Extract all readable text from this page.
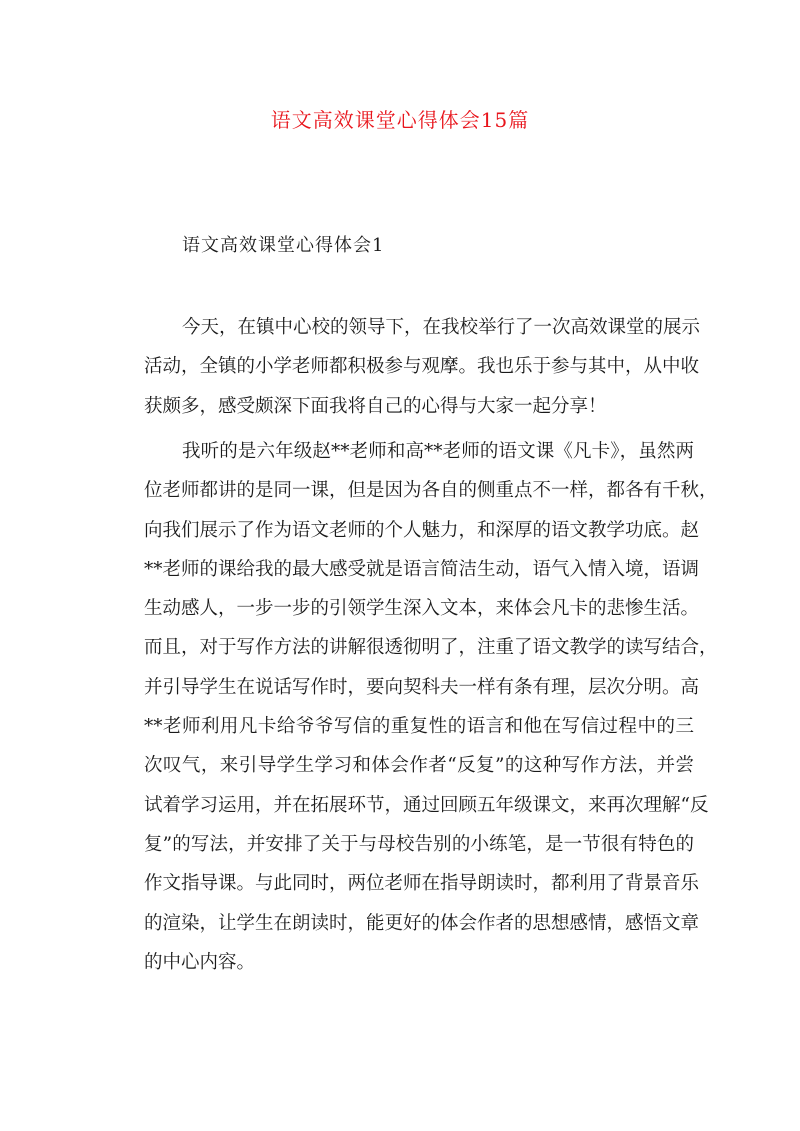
语文高效课堂心得体会15篇
语文高效课堂心得体会1
今天，在镇中心校的领导下，在我校举行了一次高效课堂的展示
活动，全镇的小学老师都积极参与观摩。我也乐于参与其中，从中收
获颇多，感受颇深下面我将自己的心得与大家一起分享！
我听的是六年级赵**老师和高**老师的语文课《凡卡》，虽然两
位老师都讲的是同一课，但是因为各自的侧重点不一样，都各有千秋，
向我们展示了作为语文老师的个人魅力，和深厚的语文教学功底。赵
**老师的课给我的最大感受就是语言简洁生动，语气入情入境，语调
生动感人，一步一步的引领学生深入文本，来体会凡卡的悲惨生活。
而且，对于写作方法的讲解很透彻明了，注重了语文教学的读写结合，
并引导学生在说话写作时，要向契科夫一样有条有理，层次分明。高
**老师利用凡卡给爷爷写信的重复性的语言和他在写信过程中的三
次叹气，来引导学生学习和体会作者“反复”的这种写作方法，并尝
试着学习运用，并在拓展环节，通过回顾五年级课文，来再次理解“反
复”的写法，并安排了关于与母校告别的小练笔，是一节很有特色的
作文指导课。与此同时，两位老师在指导朗读时，都利用了背景音乐
的渲染，让学生在朗读时，能更好的体会作者的思想感情，感悟文章
的中心内容。
